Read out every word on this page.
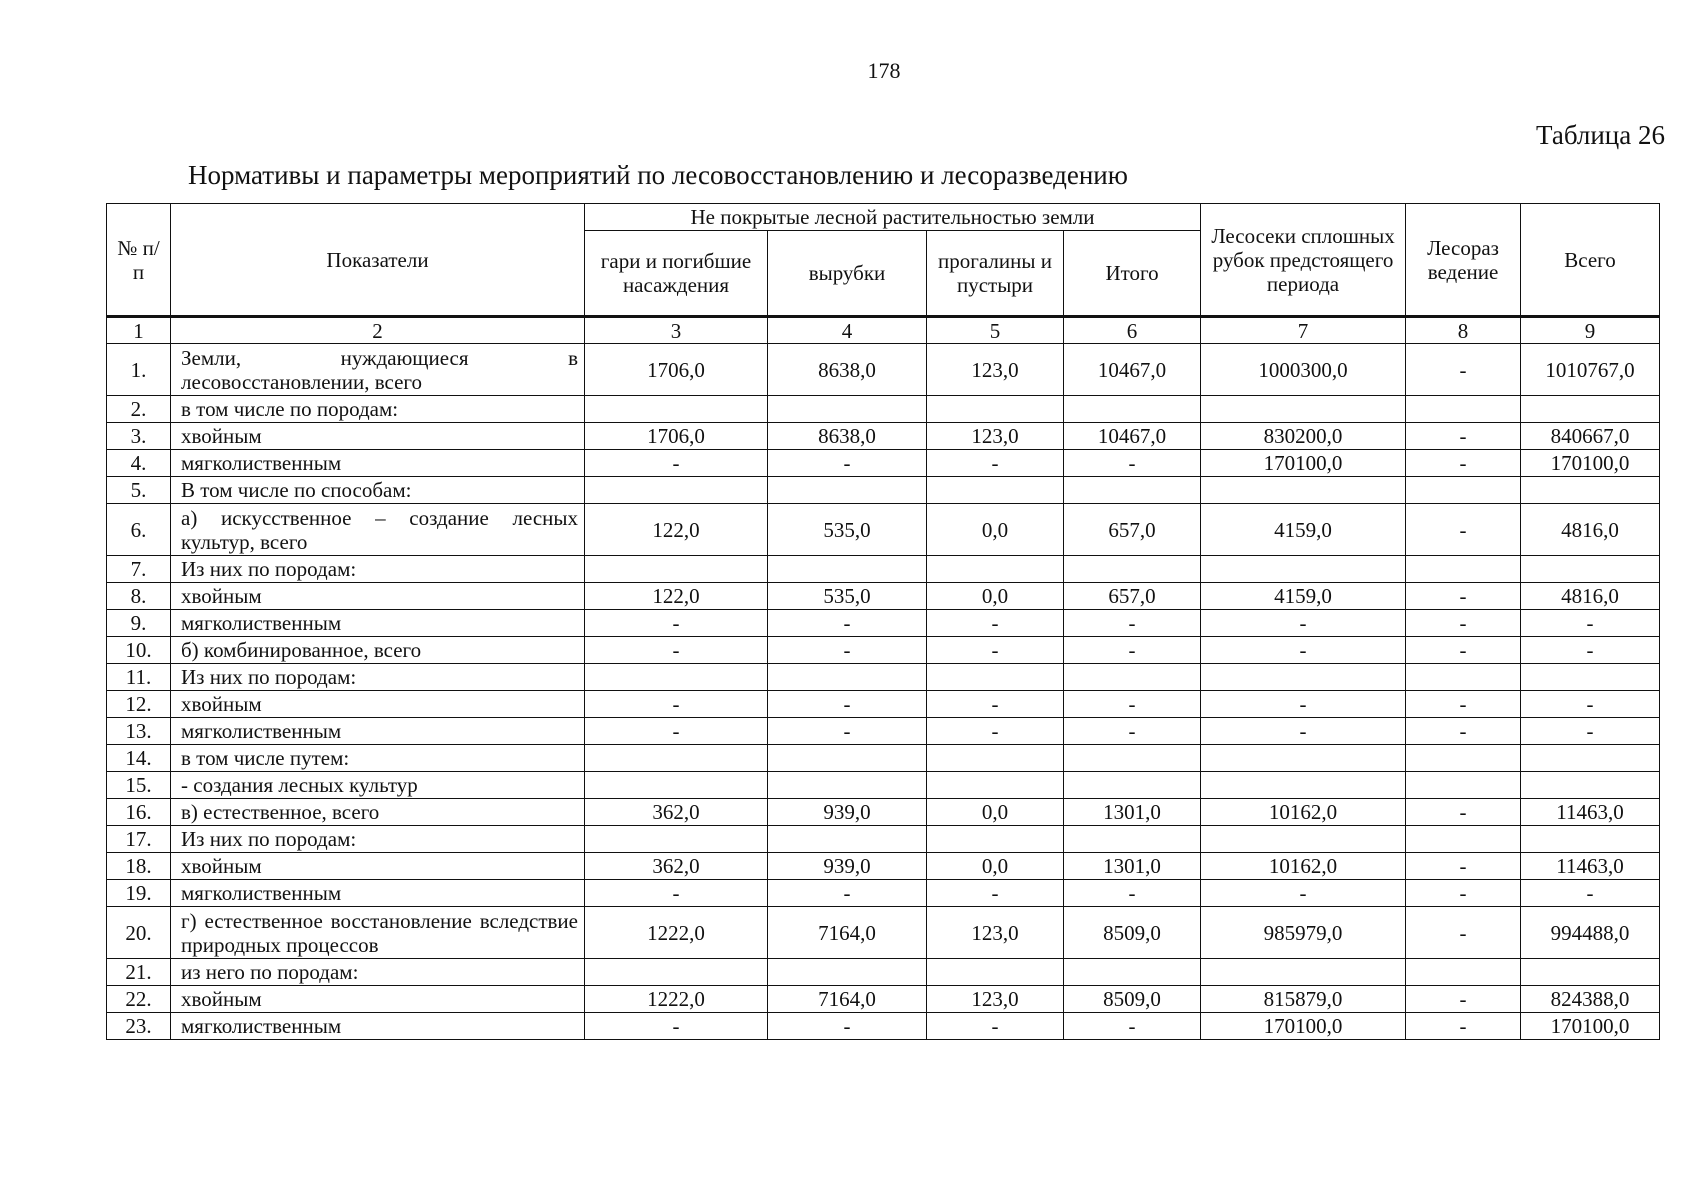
178
Таблица 26
Нормативы и параметры мероприятий по лесовосстановлению и лесоразведению
№ п/п	Показатели	Не покрытые лесной растительностью земли				Лесосеки сплошных рубок предстоящего периода	Лесораз ведение	Всего
		гари и погибшие насаждения	вырубки	прогалины и пустыри	Итого			
1	2	3	4	5	6	7	8	9
1.	Земли, нуждающиеся в лесовосстановлении, всего	1706,0	8638,0	123,0	10467,0	1000300,0	-	1010767,0
2.	в том числе по породам:							
3.	хвойным	1706,0	8638,0	123,0	10467,0	830200,0	-	840667,0
4.	мягколиственным	-	-	-	-	170100,0	-	170100,0
5.	В том числе по способам:							
6.	а) искусственное – создание лесных культур, всего	122,0	535,0	0,0	657,0	4159,0	-	4816,0
7.	Из них по породам:							
8.	хвойным	122,0	535,0	0,0	657,0	4159,0	-	4816,0
9.	мягколиственным	-	-	-	-	-	-	-
10.	б) комбинированное, всего	-	-	-	-	-	-	-
11.	Из них по породам:							
12.	хвойным	-	-	-	-	-	-	-
13.	мягколиственным	-	-	-	-	-	-	-
14.	в том числе путем:							
15.	- создания лесных культур							
16.	в) естественное, всего	362,0	939,0	0,0	1301,0	10162,0	-	11463,0
17.	Из них по породам:							
18.	хвойным	362,0	939,0	0,0	1301,0	10162,0	-	11463,0
19.	мягколиственным	-	-	-	-	-	-	-
20.	г) естественное восстановление вследствие природных процессов	1222,0	7164,0	123,0	8509,0	985979,0	-	994488,0
21.	из него по породам:							
22.	хвойным	1222,0	7164,0	123,0	8509,0	815879,0	-	824388,0
23.	мягколиственным	-	-	-	-	170100,0	-	170100,0
